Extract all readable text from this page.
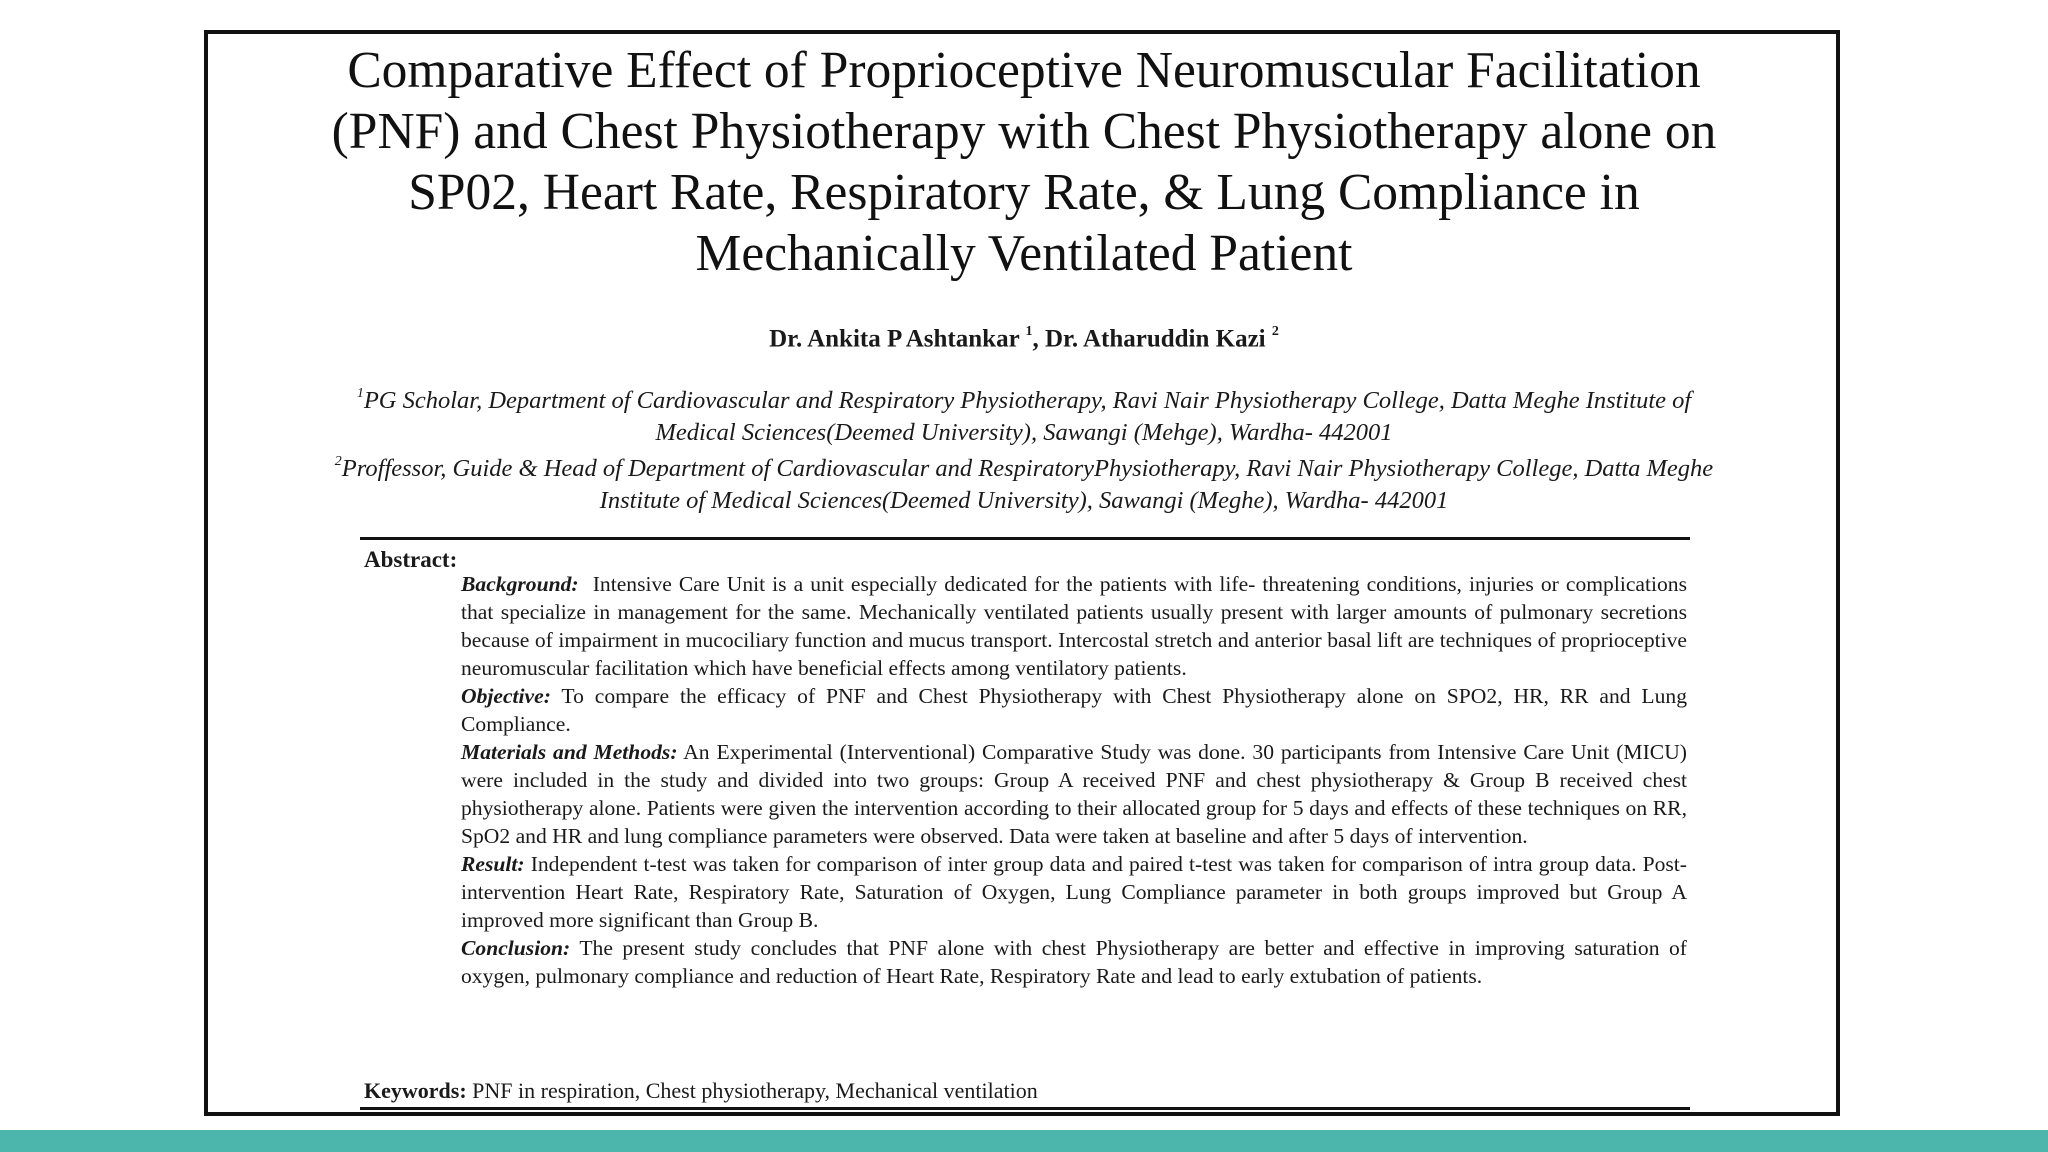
Comparative Effect of Proprioceptive Neuromuscular Facilitation (PNF) and Chest Physiotherapy with Chest Physiotherapy alone on SP02, Heart Rate, Respiratory Rate, & Lung Compliance in Mechanically Ventilated Patient
Dr. Ankita P Ashtankar $^1$, Dr. Atharuddin Kazi $^2$

$^1$PG Scholar, Department of Cardiovascular and Respiratory Physiotherapy, Ravi Nair Physiotherapy College, Datta Meghe Institute of Medical Sciences(Deemed University), Sawangi (Mehge), Wardha- 442001

$^2$Proffessor, Guide & Head of Department of Cardiovascular and RespiratoryPhysiotherapy, Ravi Nair Physiotherapy College, Datta Meghe Institute of Medical Sciences(Deemed University), Sawangi (Meghe), Wardha- 442001

Abstract:

Background: Intensive Care Unit is a unit especially dedicated for the patients with life- threatening conditions, injuries or complications that specialize in management for the same. Mechanically ventilated patients usually present with larger amounts of pulmonary secretions because of impairment in mucociliary function and mucus transport. Intercostal stretch and anterior basal lift are techniques of proprioceptive neuromuscular facilitation which have beneficial effects among ventilatory patients.

Objective: To compare the efficacy of PNF and Chest Physiotherapy with Chest Physiotherapy alone on SPO2, HR, RR and Lung Compliance.

Materials and Methods: An Experimental (Interventional) Comparative Study was done. 30 participants from Intensive Care Unit (MICU) were included in the study and divided into two groups: Group A received PNF and chest physiotherapy & Group B received chest physiotherapy alone. Patients were given the intervention according to their allocated group for 5 days and effects of these techniques on RR, SpO2 and HR and lung compliance parameters were observed. Data were taken at baseline and after 5 days of intervention.

Result: Independent t-test was taken for comparison of inter group data and paired t-test was taken for comparison of intra group data. Post-intervention Heart Rate, Respiratory Rate, Saturation of Oxygen, Lung Compliance parameter in both groups improved but Group A improved more significant than Group B.

Conclusion: The present study concludes that PNF alone with chest Physiotherapy are better and effective in improving saturation of oxygen, pulmonary compliance and reduction of Heart Rate, Respiratory Rate and lead to early extubation of patients.

Keywords: PNF in respiration, Chest physiotherapy, Mechanical ventilation
